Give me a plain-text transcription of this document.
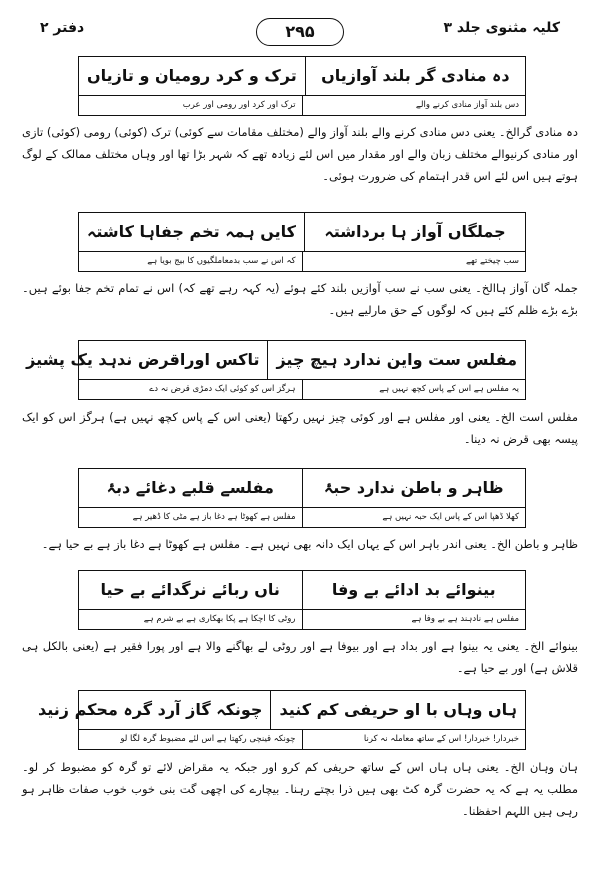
کلیہ مثنوی جلد ۳
۲۹۵
دفتر ۲
دہ منادی گر بلند آوازیاں
ترک و کرد رومیان و تازیاں
دس بلند آواز منادی کرنے والے
ترک اور کرد اور رومی اور عرب
دہ منادی گرالخ۔ یعنی دس منادی کرنے والے بلند آواز والے (مختلف مقامات سے کوئی) ترک (کوئی) رومی (کوئی) تازی اور منادی کرنیوالے مختلف زبان والے اور مقدار میں اس لئے زیادہ تھے کہ شہر بڑا تھا اور وہاں مختلف ممالک کے لوگ ہوتے ہیں اس لئے اس قدر اہتمام کی ضرورت ہوئی۔
جملگاں آواز ہا برداشتہ
کایں ہمہ تخم جفاہا کاشتہ
سب چیختے تھے
کہ اس نے سب بدمعاملگیوں کا بیج بویا ہے
جملہ گان آواز ہاالخ۔ یعنی سب نے سب آوازیں بلند کئے ہوئے (یہ کہہ رہے تھے کہ) اس نے تمام تخم جفا بوئے ہیں۔ بڑے بڑے ظلم کئے ہیں کہ لوگوں کے حق مارلیے ہیں۔
مفلس ست واین ندارد ہیچ چیز
تاکس اوراقرض ندہد یک پشیز
یہ مفلس ہے اس کے پاس کچھ نہیں ہے
ہرگز اس کو کوئی ایک دمڑی قرض نہ دے
مفلس است الخ۔ یعنی اور مفلس ہے اور کوئی چیز نہیں رکھتا (یعنی اس کے پاس کچھ نہیں ہے) ہرگز اس کو ایک پیسہ بھی قرض نہ دینا۔
ظاہر و باطن ندارد حبۂ
مفلسے قلبے دغائے دبۂ
کھلا ڈھپا اس کے پاس ایک حبہ نہیں ہے
مفلس ہے کھوٹا ہے دغا باز ہے مٹی کا ڈھیر ہے
ظاہر و باطن الخ۔ یعنی اندر باہر اس کے یہاں ایک دانہ بھی نہیں ہے۔ مفلس ہے کھوٹا ہے دغا باز ہے بے حیا ہے۔
بینوائے بد ادائے بے وفا
ناں ربائے نرگدائے بے حیا
مفلس ہے نادہند ہے بے وفا ہے
روٹی کا اچکا ہے پکا بھکاری ہے بے شرم ہے
بینوائے الخ۔ یعنی یہ بینوا ہے اور بداد ہے اور بیوفا ہے اور روٹی لے بھاگنے والا ہے اور پورا فقیر ہے (یعنی بالکل ہی قلاش ہے) اور بے حیا ہے۔
ہاں وہاں با او حریفی کم کنید
چونکہ گاز آرد گرہ محکم زنید
خبردار! خبردار! اس کے ساتھ معاملہ نہ کرنا
چونکہ قینچی رکھتا ہے اس لئے مضبوط گرہ لگا لو
ہان وہان الخ۔ یعنی ہاں ہاں اس کے ساتھ حریفی کم کرو اور جبکہ یہ مقراض لائے تو گرہ کو مضبوط کر لو۔ مطلب یہ ہے کہ یہ حضرت گرہ کٹ بھی ہیں ذرا بچتے رہنا۔ بیچارے کی اچھی گت بنی خوب خوب صفات ظاہر ہو رہی ہیں اللہم احفظنا۔
